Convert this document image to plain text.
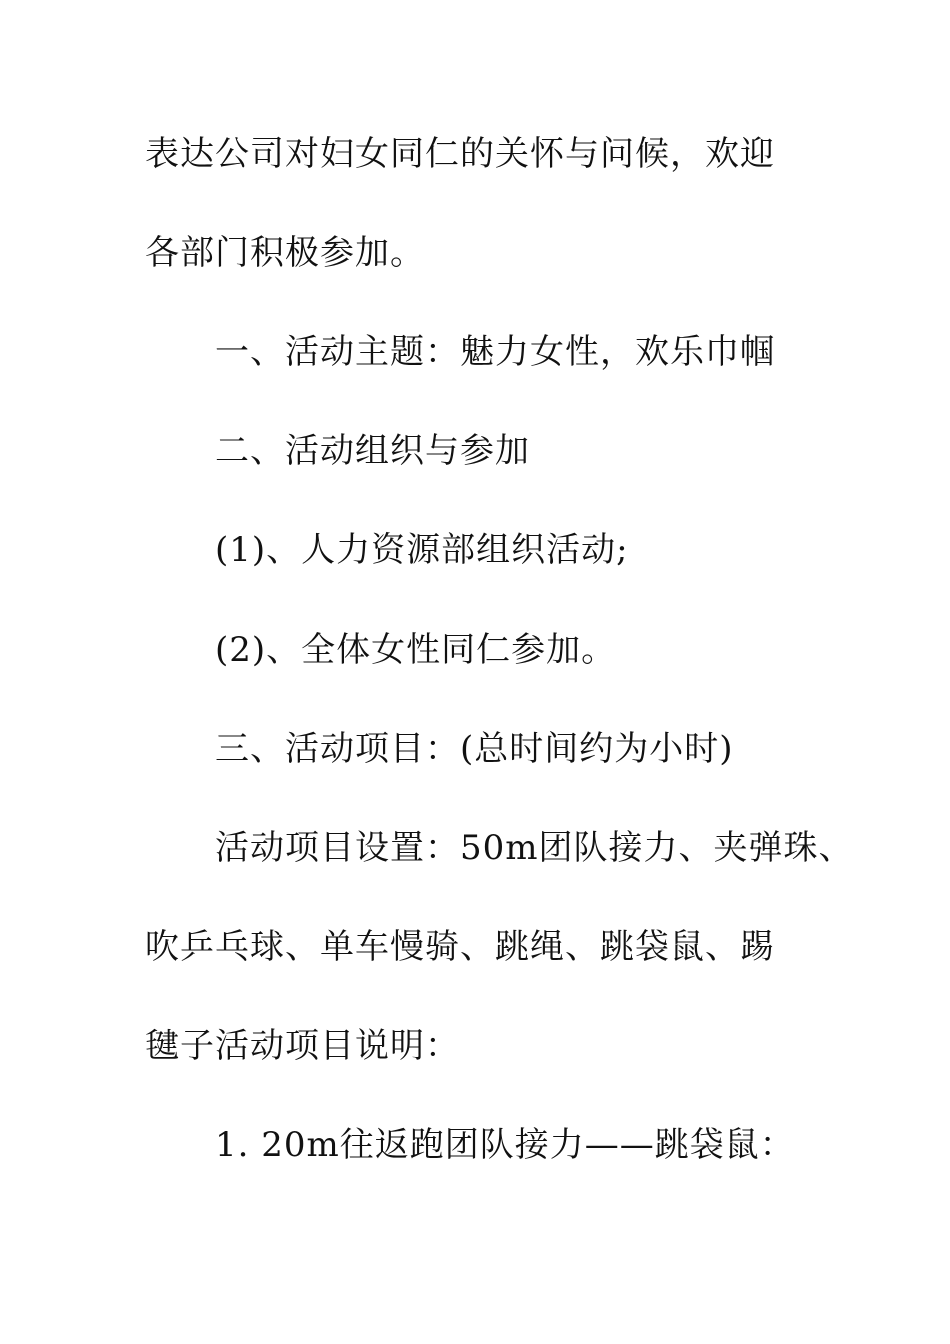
表达公司对妇女同仁的关怀与问候，欢迎
各部门积极参加。
一、活动主题：魅力女性，欢乐巾帼
二、活动组织与参加
(1)、人力资源部组织活动;
(2)、全体女性同仁参加。
三、活动项目：(总时间约为小时)
活动项目设置：50m团队接力、夹弹珠、
吹乒乓球、单车慢骑、跳绳、跳袋鼠、踢
毽子活动项目说明：
1. 20m往返跑团队接力——跳袋鼠：
